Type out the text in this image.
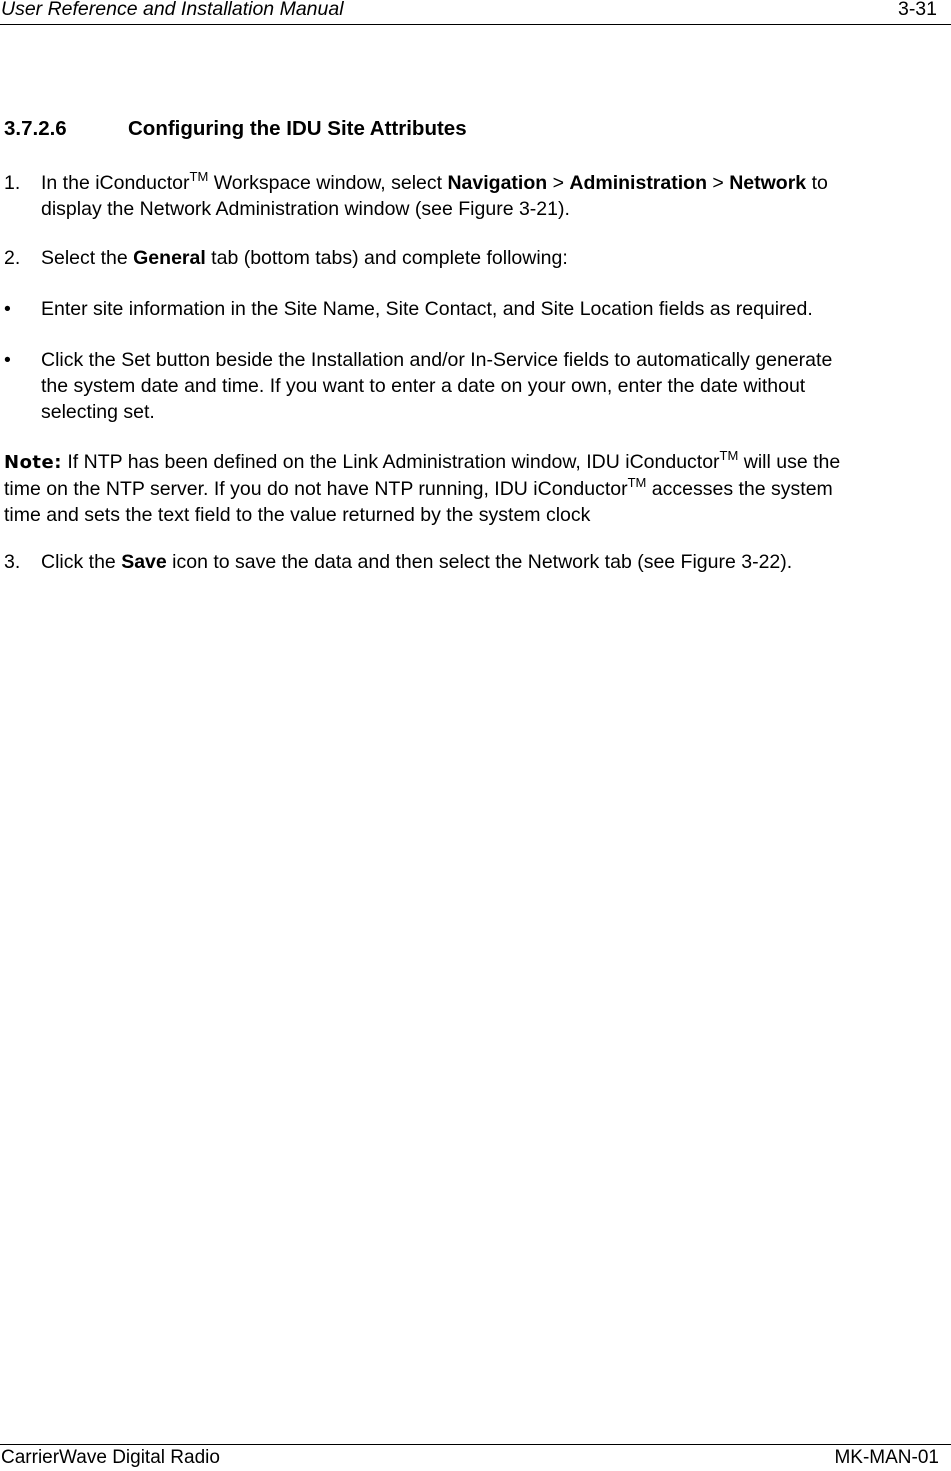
User Reference and Installation Manual	3-31
3.7.2.6	Configuring the IDU Site Attributes
1. In the iConductor™ Workspace window, select Navigation > Administration > Network to
display the Network Administration window (see Figure 3-21).
2. Select the General tab (bottom tabs) and complete following:
• Enter site information in the Site Name, Site Contact, and Site Location fields as required.
• Click the Set button beside the Installation and/or In-Service fields to automatically generate
the system date and time. If you want to enter a date on your own, enter the date without
selecting set.
Note: If NTP has been defined on the Link Administration window, IDU iConductor™ will use the
time on the NTP server. If you do not have NTP running, IDU iConductor™ accesses the system
time and sets the text field to the value returned by the system clock
3. Click the Save icon to save the data and then select the Network tab (see Figure 3-22).
CarrierWave Digital Radio	MK-MAN-01
